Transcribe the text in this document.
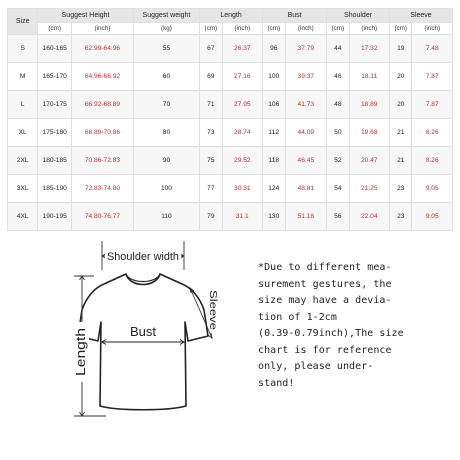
Size	Suggest Height		Suggest weight	Length		Bust		Shoulder		Sleeve	
	(cm)	(inch)	(kg)	(cm)	(inch)	(cm)	(inch)	(cm)	(inch)	(cm)	(inch)
S	160-165	62.99-64.96	55	67	26.37	96	37.79	44	17.32	19	7.48
M	165-170	64.96-66.92	60	69	27.16	100	39.37	46	18.11	20	7.87
L	170-175	66.92-68.89	70	71	27.95	106	41.73	48	18.89	20	7.87
XL	175-180	68.89-70.86	80	73	28.74	112	44.09	50	19.68	21	8.26
2XL	180-185	70.86-72.83	90	75	29.52	118	46.45	52	20.47	21	8.26
3XL	185-190	72.83-74.80	100	77	30.31	124	48.81	54	21.25	23	9.05
4XL	190-195	74.80-76.77	110	79	31.1	130	51.18	56	22.04	23	9.05
Shoulder width
Bust
Length
Sleeve
*Due to different mea-
surement gestures, the
size may have a devia-
tion of 1-2cm
(0.39-0.79inch),The size
chart is for reference
only, please under-
stand!
